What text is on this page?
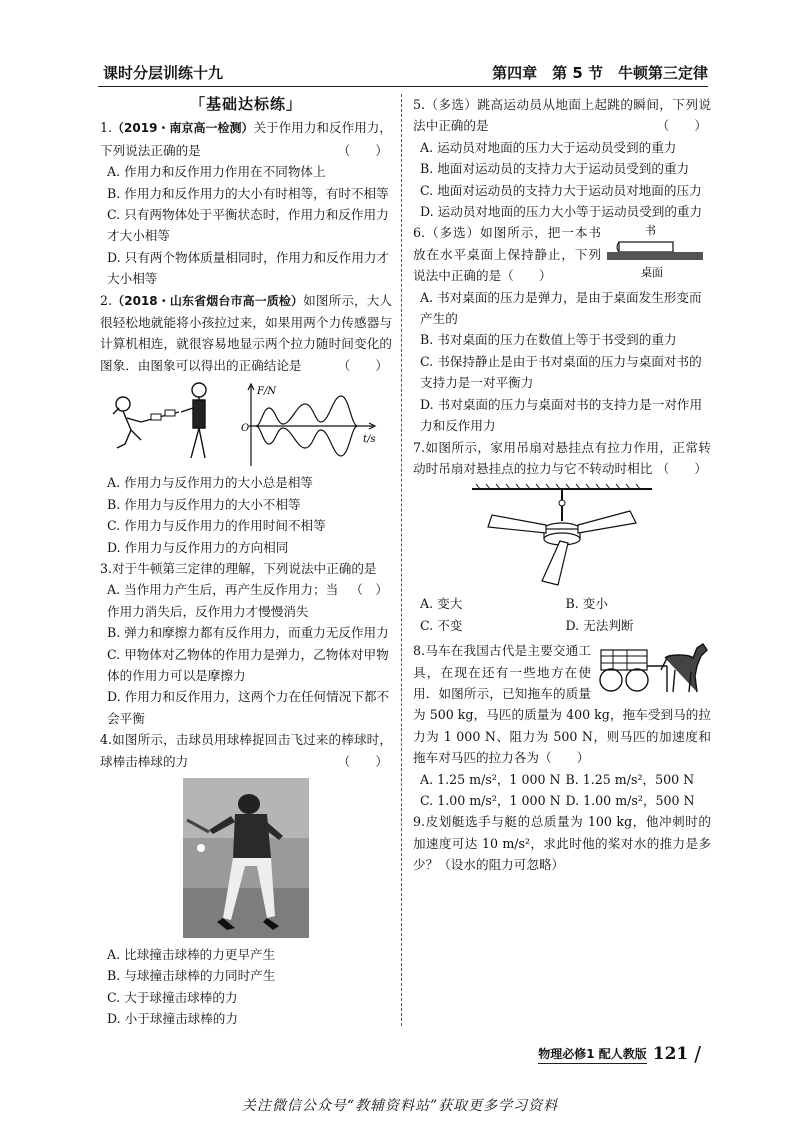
课时分层训练十九	第四章　第 5 节　牛顿第三定律
「基础达标练」
1.（2019・南京高一检测）关于作用力和反作用力，下列说法正确的是	（　　）
A. 作用力和反作用力作用在不同物体上
B. 作用力和反作用力的大小有时相等，有时不相等
C. 只有两物体处于平衡状态时，作用力和反作用力才大小相等
D. 只有两个物体质量相同时，作用力和反作用力才大小相等
2.（2018・山东省烟台市高一质检）如图所示，大人很轻松地就能将小孩拉过来，如果用两个力传感器与计算机相连，就很容易地显示两个拉力随时间变化的图象．由图象可以得出的正确结论是	（　　）
F/N
O
t/s
A. 作用力与反作用力的大小总是相等
B. 作用力与反作用力的大小不相等
C. 作用力与反作用力的作用时间不相等
D. 作用力与反作用力的方向相同
3.对于牛顿第三定律的理解，下列说法中正确的是
（　）
A. 当作用力产生后，再产生反作用力；当作用力消失后，反作用力才慢慢消失
B. 弹力和摩擦力都有反作用力，而重力无反作用力
C. 甲物体对乙物体的作用力是弹力，乙物体对甲物体的作用力可以是摩擦力
D. 作用力和反作用力，这两个力在任何情况下都不会平衡
4.如图所示，击球员用球棒捉回击飞过来的棒球时，球棒击棒球的力	（　　）
A. 比球撞击球棒的力更早产生
B. 与球撞击球棒的力同时产生
C. 大于球撞击球棒的力
D. 小于球撞击球棒的力
5.（多选）跳高运动员从地面上起跳的瞬间，下列说法中正确的是	（　　）
A. 运动员对地面的压力大于运动员受到的重力
B. 地面对运动员的支持力大于运动员受到的重力
C. 地面对运动员的支持力大于运动员对地面的压力
D. 运动员对地面的压力大小等于运动员受到的重力
6.（多选）如图所示，把一本书放在水平桌面上保持静止，下列说法中正确的是（　　）
书
桌面
A. 书对桌面的压力是弹力，是由于桌面发生形变而产生的
B. 书对桌面的压力在数值上等于书受到的重力
C. 书保持静止是由于书对桌面的压力与桌面对书的支持力是一对平衡力
D. 书对桌面的压力与桌面对书的支持力是一对作用力和反作用力
7.如图所示，家用吊扇对悬挂点有拉力作用，正常转动时吊扇对悬挂点的拉力与它不转动时相比 （　　）
A. 变大	B. 变小
C. 不变	D. 无法判断
8.马车在我国古代是主要交通工具，在现在还有一些地方在使用．如图所示，已知拖车的质量为 500 kg，马匹的质量为 400 kg，拖车受到马的拉力为 1 000 N、阻力为 500 N，则马匹的加速度和拖车对马匹的拉力各为（　　）
A. 1.25 m/s²，1 000 N B. 1.25 m/s²，500 N
C. 1.00 m/s²，1 000 N D. 1.00 m/s²，500 N
9.皮划艇选手与艇的总质量为 100 kg，他冲刺时的加速度可达 10 m/s²，求此时他的桨对水的推力是多少？（设水的阻力可忽略）
物理必修1 配人教版 121 /
关注微信公众号“教辅资料站”获取更多学习资料
